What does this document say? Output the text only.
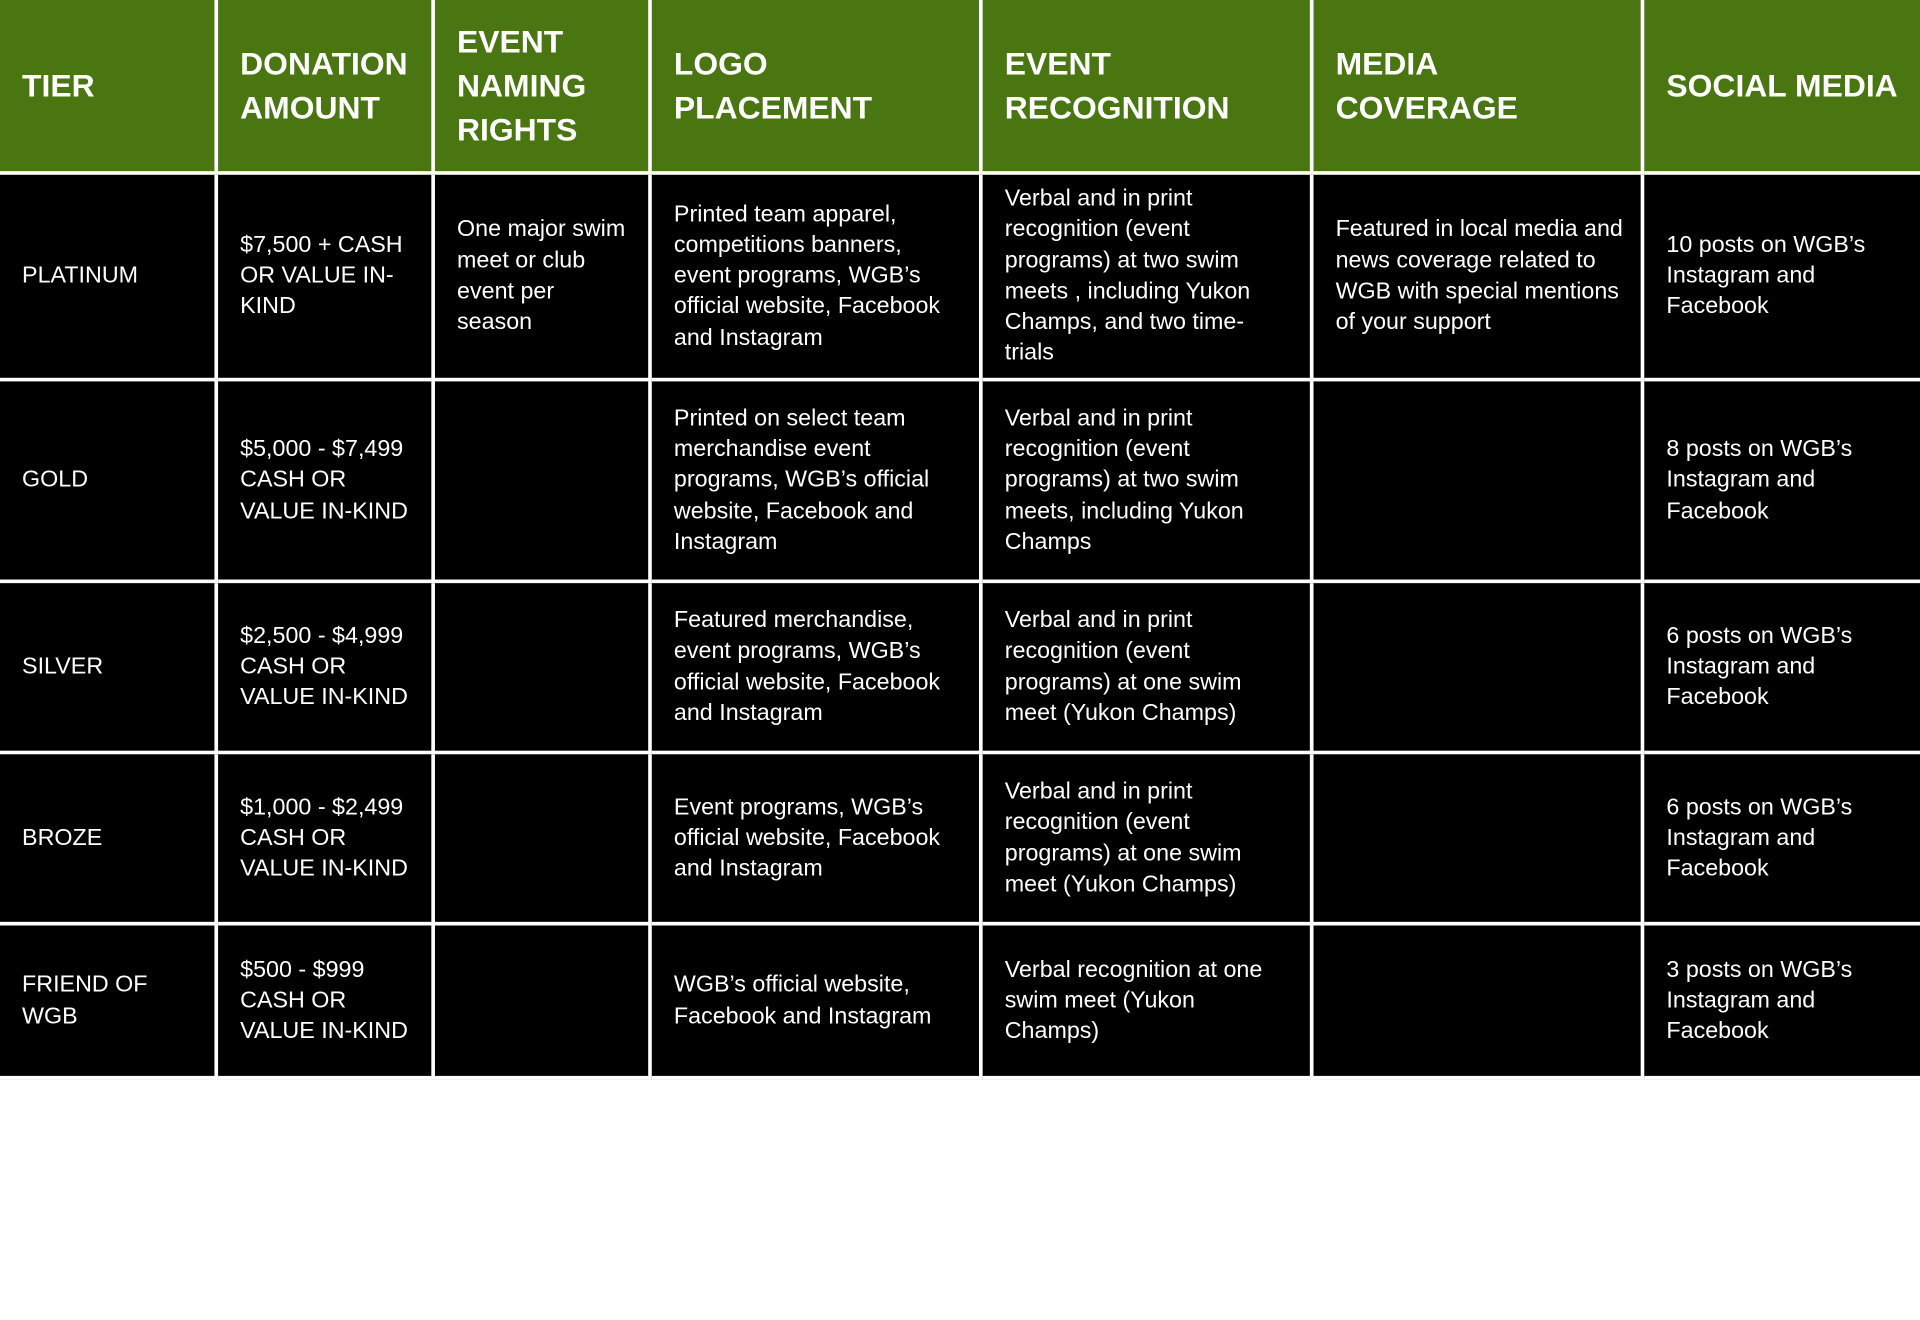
TIER	DONATION AMOUNT	EVENT NAMING RIGHTS	LOGO PLACEMENT	EVENT RECOGNITION	MEDIA COVERAGE	SOCIAL MEDIA
PLATINUM	$7,500 + CASH OR VALUE IN-KIND	One major swim meet or club event per season	Printed team apparel, competitions banners, event programs, WGB’s official website, Facebook and Instagram	Verbal and in print recognition (event programs) at two swim meets , including Yukon Champs, and two time-trials	Featured in local media and news coverage related to WGB with special mentions of your support	10 posts on WGB’s Instagram and Facebook
GOLD	$5,000 - $7,499 CASH OR VALUE IN-KIND		Printed on select team merchandise event programs, WGB’s official website, Facebook and Instagram	Verbal and in print recognition (event programs) at two swim meets, including Yukon Champs		8 posts on WGB’s Instagram and Facebook
SILVER	$2,500 - $4,999 CASH OR VALUE IN-KIND		Featured merchandise, event programs, WGB’s official website, Facebook and Instagram	Verbal and in print recognition (event programs) at one swim meet (Yukon Champs)		6 posts on WGB’s Instagram and Facebook
BROZE	$1,000 - $2,499 CASH OR VALUE IN-KIND		Event programs, WGB’s official website, Facebook and Instagram	Verbal and in print recognition (event programs) at one swim meet (Yukon Champs)		6 posts on WGB’s Instagram and Facebook
FRIEND OF WGB	$500 - $999 CASH OR VALUE IN-KIND		WGB’s official website, Facebook and Instagram	Verbal recognition at one swim meet (Yukon Champs)		3 posts on WGB’s Instagram and Facebook
